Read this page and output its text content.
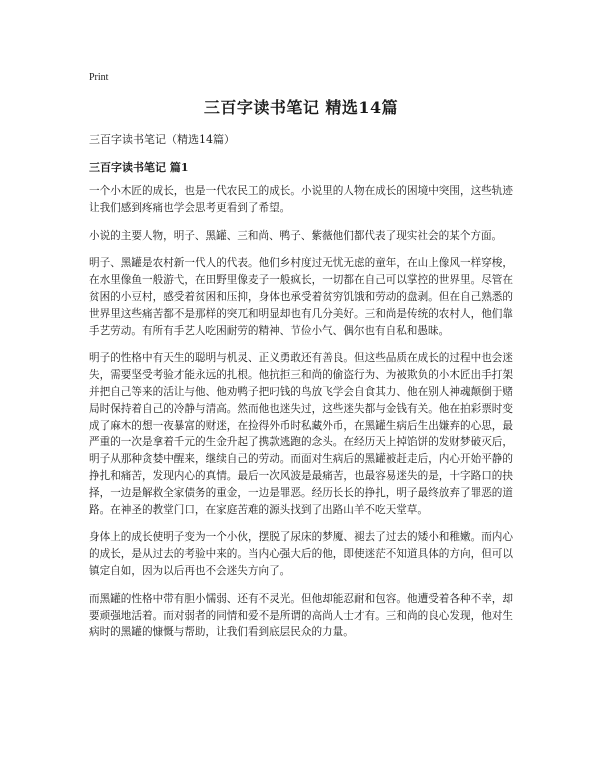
Print
三百字读书笔记 精选14篇
三百字读书笔记（精选14篇）
三百字读书笔记 篇1

一个小木匠的成长，也是一代农民工的成长。小说里的人物在成长的困境中突围，这些轨迹让我们感到疼痛也学会思考更看到了希望。

小说的主要人物，明子、黑罐、三和尚、鸭子、紫薇他们都代表了现实社会的某个方面。

明子、黑罐是农村新一代人的代表。他们乡村度过无忧无虑的童年，在山上像风一样穿梭，在水里像鱼一般游弋，在田野里像麦子一般疯长，一切都在自己可以掌控的世界里。尽管在贫困的小豆村，感受着贫困和压抑，身体也承受着贫穷饥饿和劳动的盘剥。但在自己熟悉的世界里这些痛苦都不是那样的突兀和明显却也有几分美好。三和尚是传统的农村人，他们靠手艺劳动。有所有手艺人吃困耐劳的精神、节俭小气、偶尔也有自私和愚昧。

明子的性格中有天生的聪明与机灵、正义勇敢还有善良。但这些品质在成长的过程中也会迷失，需要坚受考验才能永远的扎根。他抗拒三和尚的偷盗行为、为被欺负的小木匠出手打架并把自己等来的活让与他、他劝鸭子把叼钱的鸟放飞学会自食其力、他在别人神魂颠倒于赌局时保持着自己的冷静与清高。然而他也迷失过，这些迷失都与金钱有关。他在拍彩票时变成了麻木的想一夜暴富的财迷，在捡得外币时私藏外币，在黑罐生病后生出嫌弃的心思，最严重的一次是拿着千元的生金升起了携款逃跑的念头。在经历天上掉馅饼的发财梦破灭后，明子从那种贪婪中醒来，继续自己的劳动。而面对生病后的黑罐被赶走后，内心开始平静的挣扎和痛苦，发现内心的真情。最后一次风波是最痛苦，也最容易迷失的是，十字路口的抉择，一边是解救全家债务的重金，一边是罪恶。经历长长的挣扎，明子最终放弃了罪恶的道路。在神圣的教堂门口，在家庭苦难的源头找到了出路山羊不吃天堂草。

身体上的成长使明子变为一个小伙，摆脱了尿床的梦魇、褪去了过去的矮小和稚嫩。而内心的成长，是从过去的考验中来的。当内心强大后的他，即使迷茫不知道具体的方向，但可以镇定自如，因为以后再也不会迷失方向了。

而黑罐的性格中带有胆小懦弱、还有不灵光。但他却能忍耐和包容。他遭受着各种不幸，却要顽强地活着。而对弱者的同情和爱不是所谓的高尚人士才有。三和尚的良心发现，他对生病时的黑罐的慷慨与帮助，让我们看到底层民众的力量。
